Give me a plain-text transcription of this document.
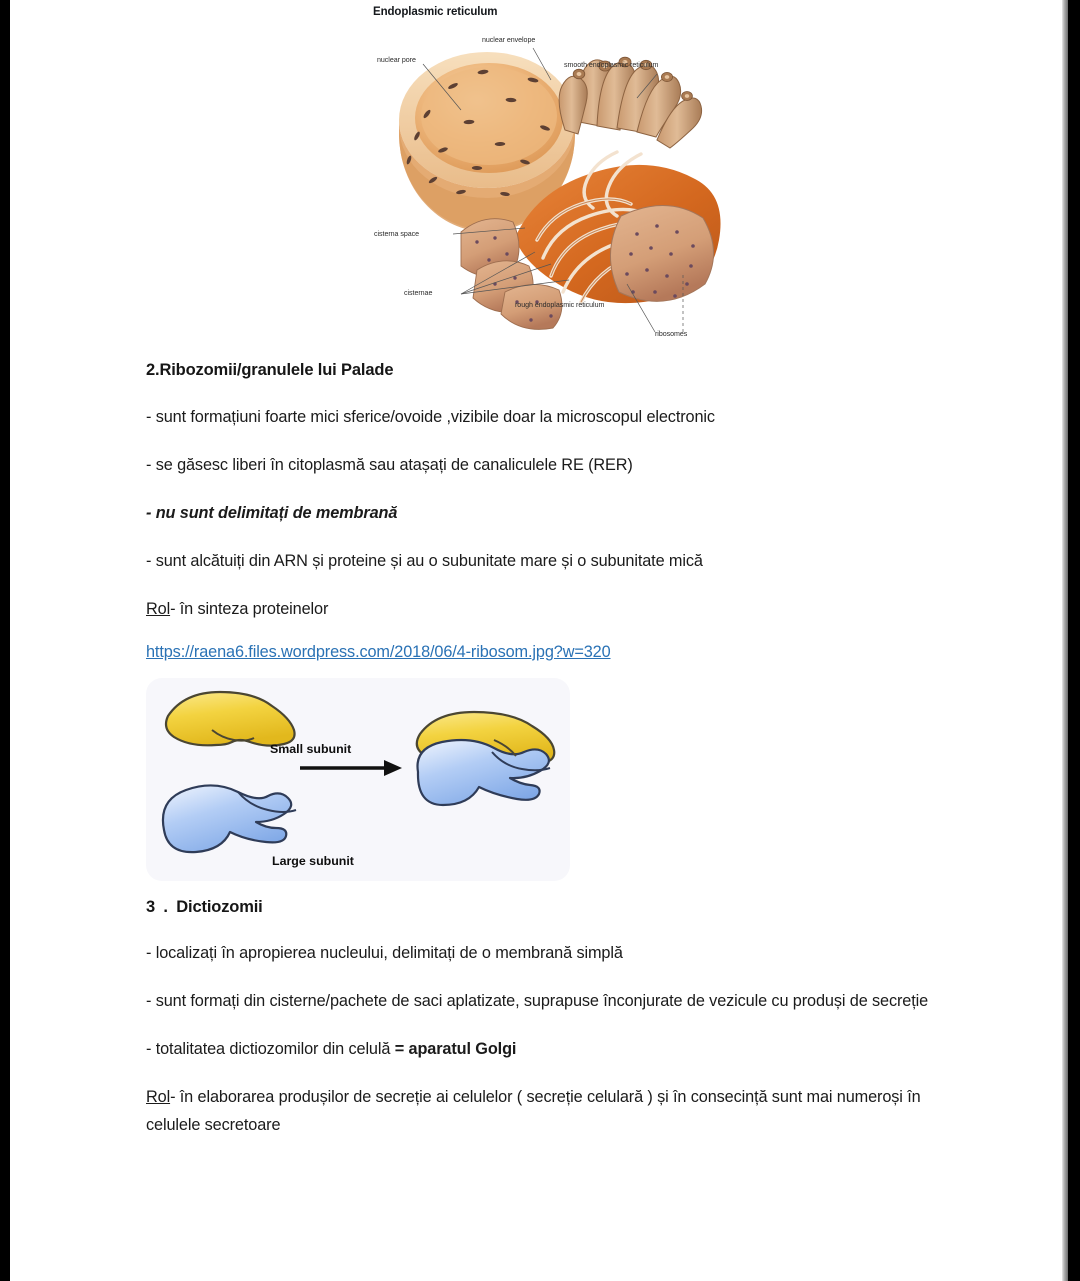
Endoplasmic reticulum
nuclear pore
nuclear envelope
smooth endoplasmic reticulum
cisterna space
cisternae
rough endoplasmic reticulum
ribosomes
2.Ribozomii/granulele lui Palade

- sunt formațiuni foarte mici sferice/ovoide ,vizibile doar la microscopul electronic

- se găsesc liberi în citoplasmă sau atașați de canaliculele RE (RER)

- nu sunt delimitați de membrană

- sunt alcătuiți din ARN și proteine și au o subunitate mare și o subunitate mică

Rol- în sinteza proteinelor

https://raena6.files.wordpress.com/2018/06/4-ribosom.jpg?w=320

Small subunit
Large subunit
3.Dictiozomii

- localizați în apropierea nucleului, delimitați de o membrană simplă

- sunt formați din cisterne/pachete de saci aplatizate, suprapuse înconjurate de vezicule cu produși de secreție

- totalitatea dictiozomilor din celulă = aparatul Golgi

Rol- în elaborarea produșilor de secreție ai celulelor ( secreție celulară ) și în consecință sunt mai numeroși în celulele secretoare
